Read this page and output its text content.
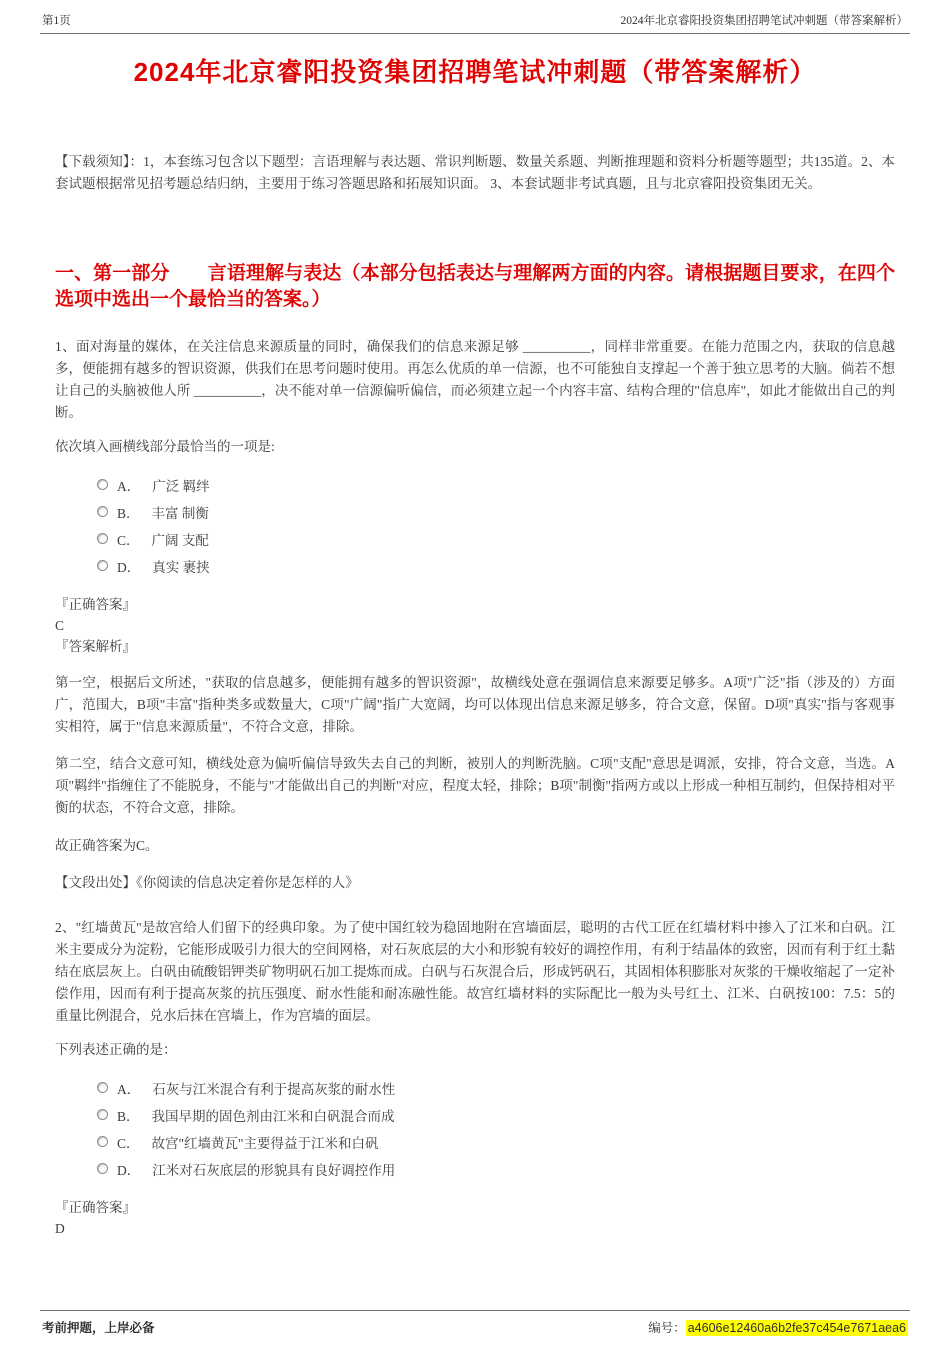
第1页	2024年北京睿阳投资集团招聘笔试冲刺题（带答案解析）
2024年北京睿阳投资集团招聘笔试冲刺题（带答案解析）

【下载须知】：1，本套练习包含以下题型：言语理解与表达题、常识判断题、数量关系题、判断推理题和资料分析题等题型；共135道。2、本套试题根据常见招考题总结归纳，主要用于练习答题思路和拓展知识面。 3、本套试题非考试真题，且与北京睿阳投资集团无关。

一、第一部分　　言语理解与表达（本部分包括表达与理解两方面的内容。请根据题目要求，在四个选项中选出一个最恰当的答案。）

1、面对海量的媒体，在关注信息来源质量的同时，确保我们的信息来源足够 __________，同样非常重要。在能力范围之内，获取的信息越多，便能拥有越多的智识资源，供我们在思考问题时使用。再怎么优质的单一信源，也不可能独自支撑起一个善于独立思考的大脑。倘若不想让自己的头脑被他人所 __________，决不能对单一信源偏听偏信，而必须建立起一个内容丰富、结构合理的"信息库"，如此才能做出自己的判断。

依次填入画横线部分最恰当的一项是:

A． 广泛 羁绊
B． 丰富 制衡
C． 广阔 支配
D． 真实 裹挟
『正确答案』
C
『答案解析』

第一空，根据后文所述，"获取的信息越多，便能拥有越多的智识资源"，故横线处意在强调信息来源要足够多。A项"广泛"指（涉及的）方面广，范围大，B项"丰富"指种类多或数量大，C项"广阔"指广大宽阔，均可以体现出信息来源足够多，符合文意，保留。D项"真实"指与客观事实相符，属于"信息来源质量"，不符合文意，排除。

第二空，结合文意可知，横线处意为偏听偏信导致失去自己的判断，被别人的判断洗脑。C项"支配"意思是调派，安排，符合文意，当选。A项"羁绊"指缠住了不能脱身，不能与"才能做出自己的判断"对应，程度太轻，排除；B项"制衡"指两方或以上形成一种相互制约，但保持相对平衡的状态，不符合文意，排除。

故正确答案为C。

【文段出处】《你阅读的信息决定着你是怎样的人》

2、"红墙黄瓦"是故宫给人们留下的经典印象。为了使中国红较为稳固地附在宫墙面层，聪明的古代工匠在红墙材料中掺入了江米和白矾。江米主要成分为淀粉，它能形成吸引力很大的空间网格，对石灰底层的大小和形貌有较好的调控作用，有利于结晶体的致密，因而有利于红土黏结在底层灰上。白矾由硫酸铝钾类矿物明矾石加工提炼而成。白矾与石灰混合后，形成钙矾石，其固相体积膨胀对灰浆的干燥收缩起了一定补偿作用，因而有利于提高灰浆的抗压强度、耐水性能和耐冻融性能。故宫红墙材料的实际配比一般为头号红土、江米、白矾按100：7.5：5的重量比例混合，兑水后抹在宫墙上，作为宫墙的面层。

下列表述正确的是：

A． 石灰与江米混合有利于提高灰浆的耐水性
B． 我国早期的固色剂由江米和白矾混合而成
C． 故宫"红墙黄瓦"主要得益于江米和白矾
D． 江米对石灰底层的形貌具有良好调控作用
『正确答案』
D
考前押题，上岸必备	编号： a4606e12460a6b2fe37c454e7671aea6
